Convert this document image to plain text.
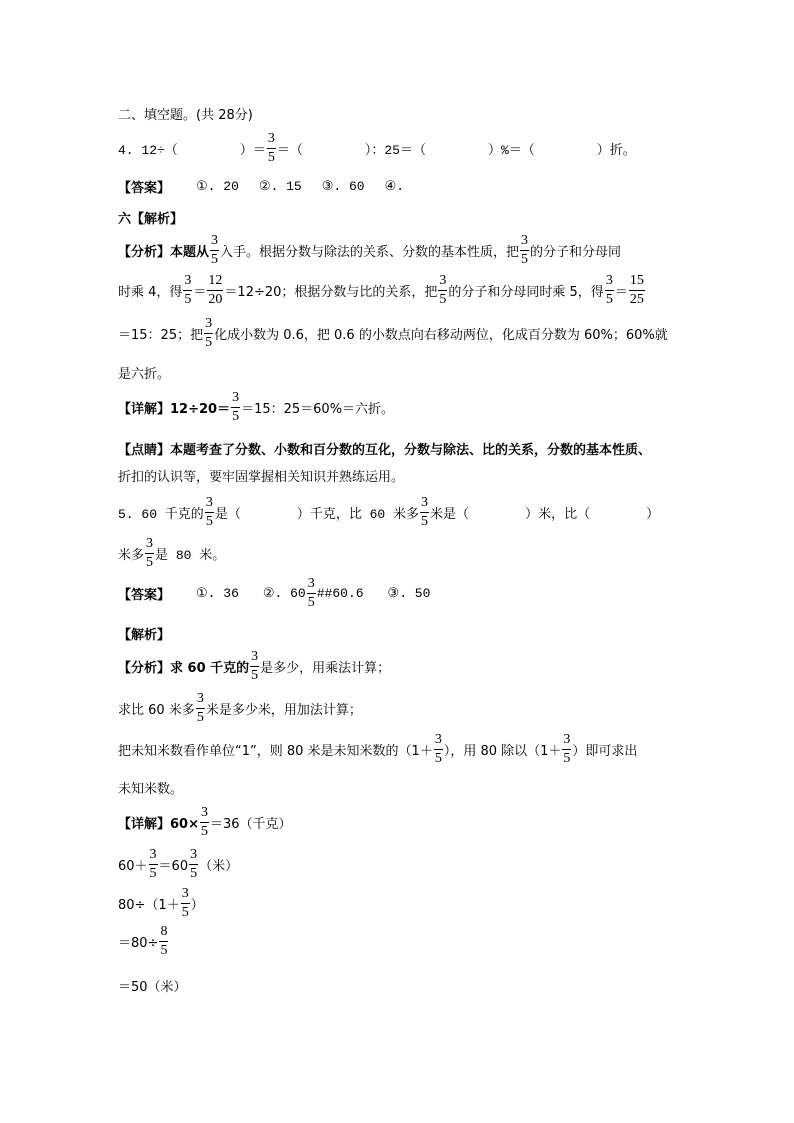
二、填空题。(共 28分)
4. 12÷（	）＝ $\frac{3}{5}$ ＝（	）：25＝（	）%＝（	）折。
【答案】 ①. 20 ②. 15 ③. 60 ④.
六【解析】
【分析】本题从 $\frac{3}{5}$ 入手。根据分数与除法的关系、分数的基本性质，把 $\frac{3}{5}$ 的分子和分母同
时乘 4，得 $\frac{3}{5} = \frac{12}{20} =12\div 20$；根据分数与比的关系，把 $\frac{3}{5}$ 的分子和分母同时乘 5，得 $\frac{3}{5} = \frac{15}{25}$
＝15：25；把 $\frac{3}{5}$ 化成小数为 0.6，把 0.6 的小数点向右移动两位，化成百分数为 60%；60%就
是六折。
【详解】$12\div 20= \frac{3}{5} =15$：25＝60%＝六折。
【点睛】本题考查了分数、小数和百分数的互化，分数与除法、比的关系，分数的基本性质、
折扣的认识等，要牢固掌握相关知识并熟练运用。
5. 60 千克的 $\frac{3}{5}$ 是（	）千克，比 60 米多 $\frac{3}{5}$ 米是（	）米，比（	）
米多 $\frac{3}{5}$ 是 80 米。
【答案】 ①. 36 ②. $60 \frac{3}{5}$ ##60.6 ③. 50
【解析】
【分析】求 60 千克的 $\frac{3}{5}$ 是多少，用乘法计算；
求比 60 米多 $\frac{3}{5}$ 米是多少米，用加法计算；
把未知米数看作单位“1”，则 80 米是未知米数的（$1+ \frac{3}{5}$ ），用 80 除以（$1+ \frac{3}{5}$ ）即可求出
未知米数。
【详解】$60\times \frac{3}{5} =36$（千克）
$60+ \frac{3}{5} =60 \frac{3}{5}$ （米）
$80\div(1+ \frac{3}{5}$ ）
$=80\div \frac{8}{5}$
＝50（米）
